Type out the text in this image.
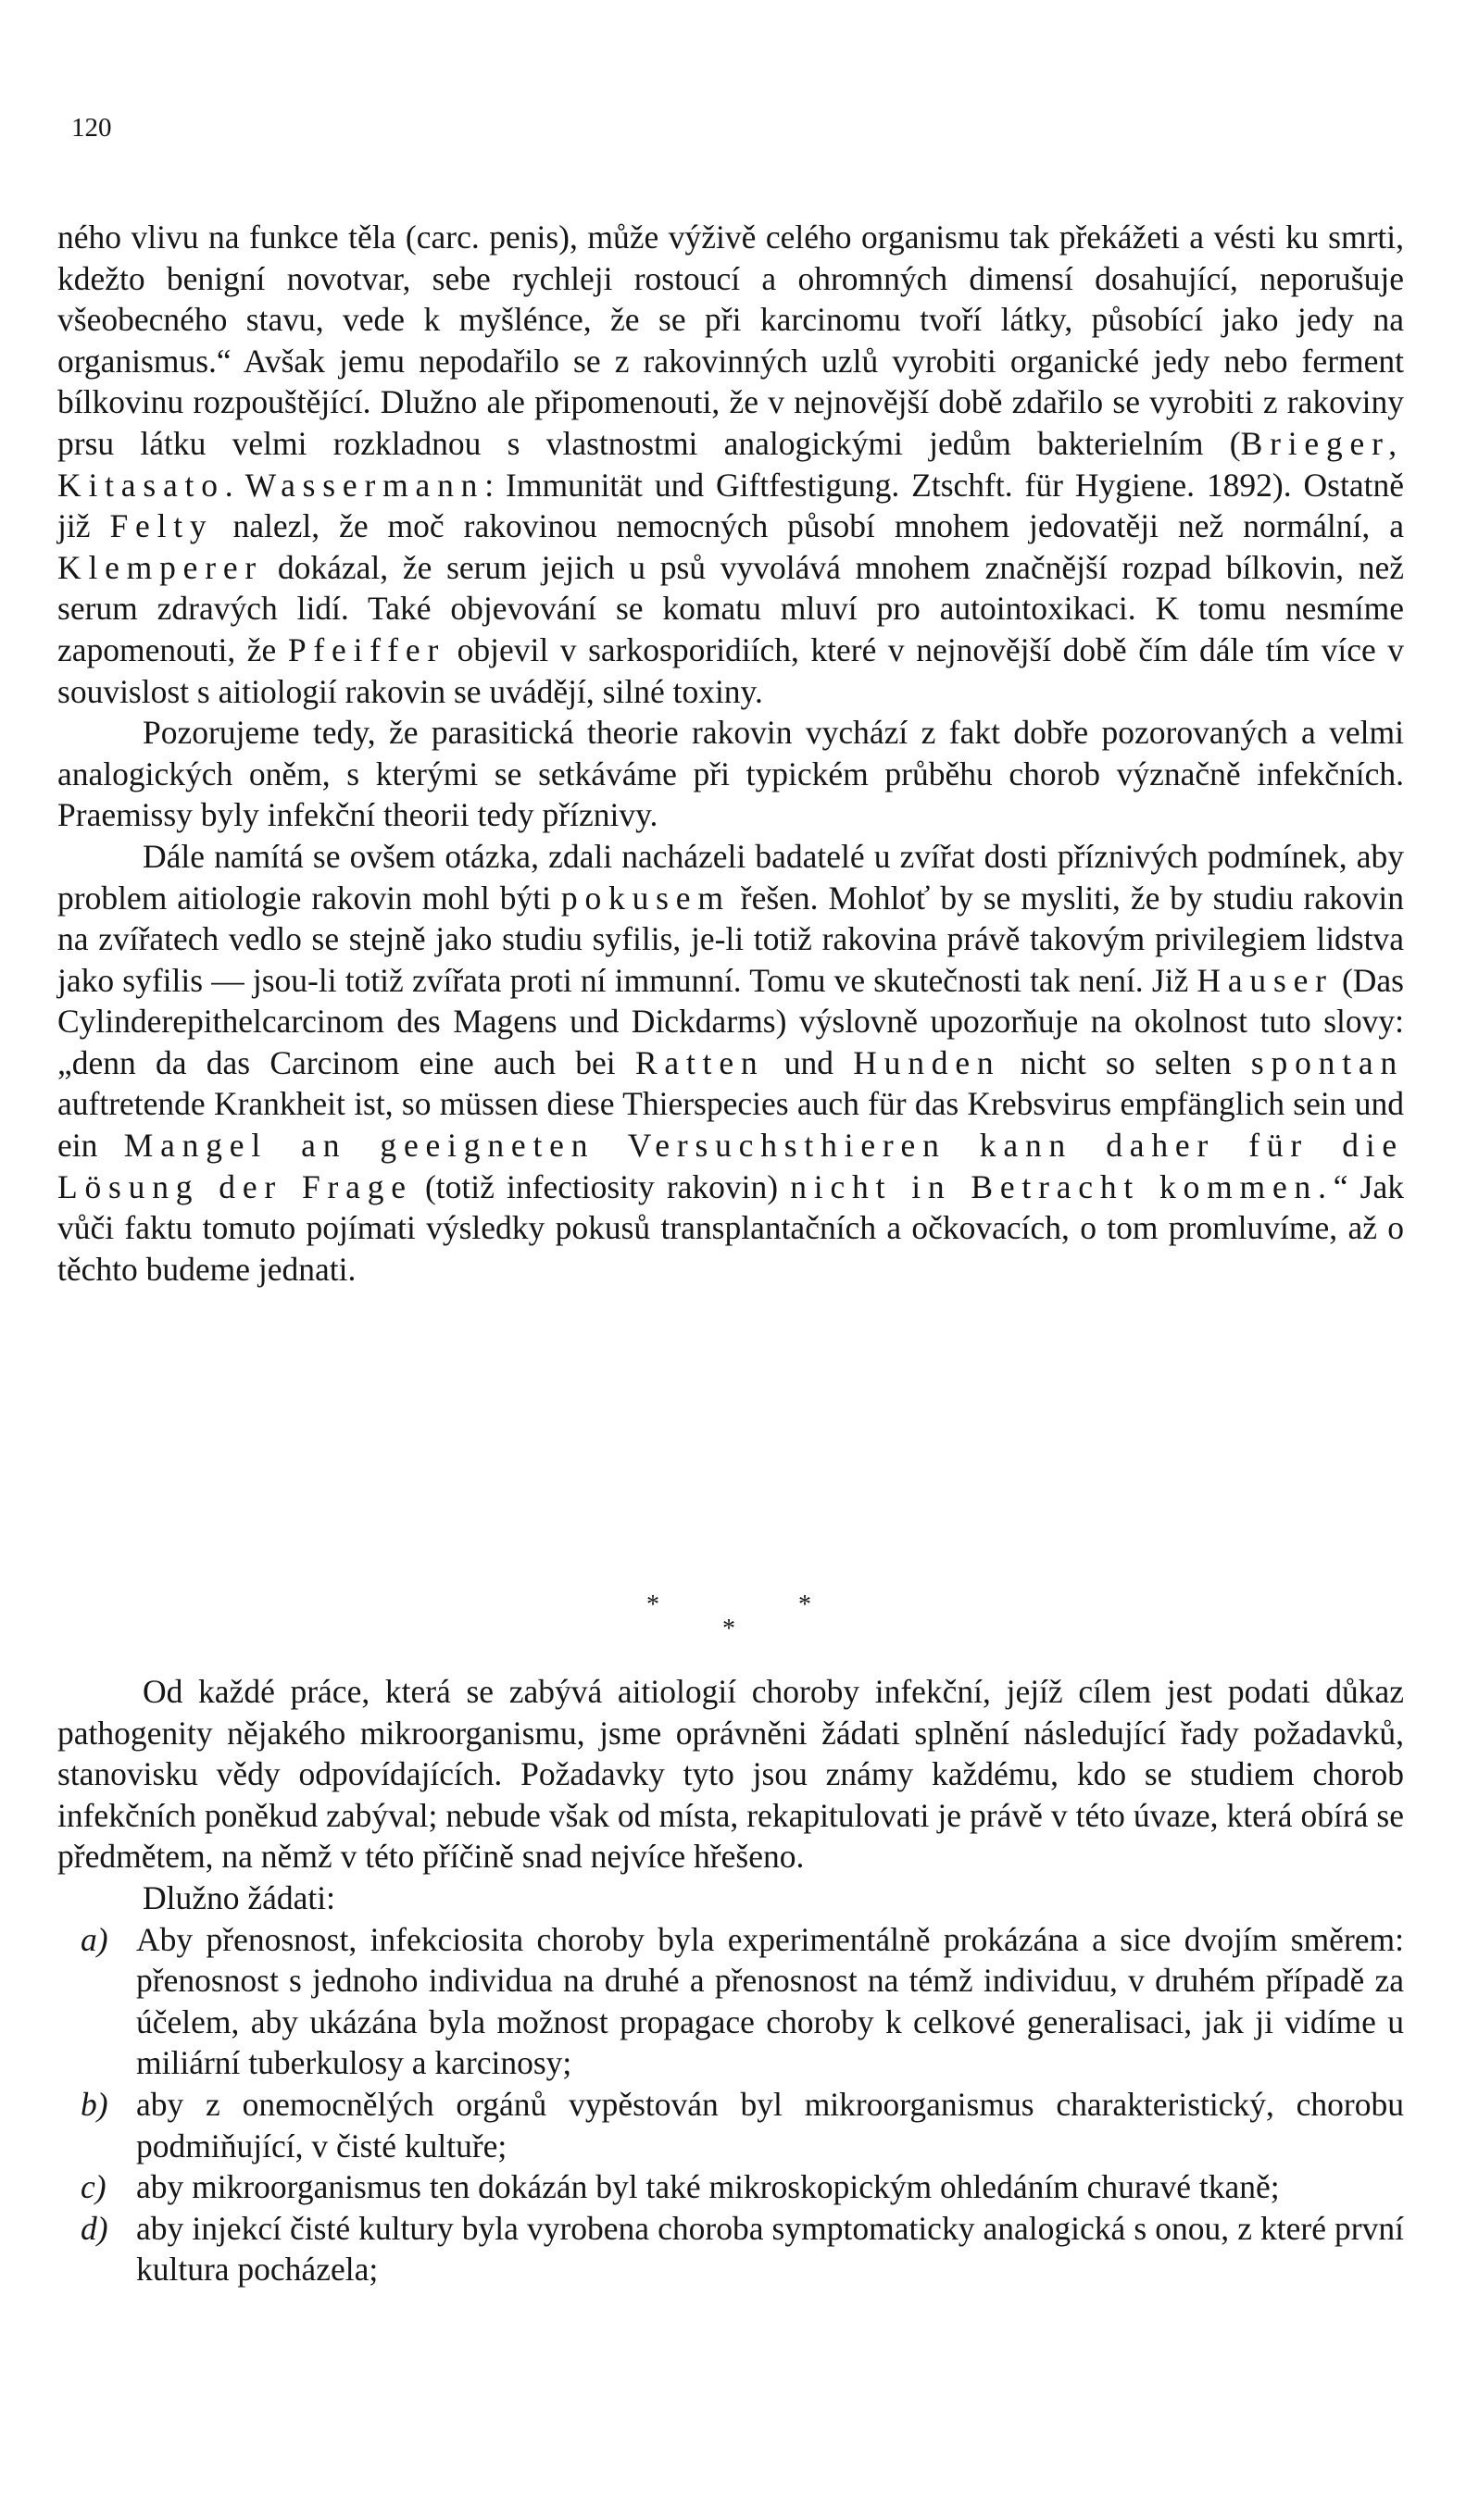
120

ného vlivu na funkce těla (carc. penis), může výživě celého organismu tak překážeti a vésti ku smrti, kdežto benigní novotvar, sebe rychleji rostoucí a ohromných dimensí dosahující, neporušuje všeobecného stavu, vede k myšlénce, že se při karcinomu tvoří látky, působící jako jedy na organismus.“ Avšak jemu nepodařilo se z rakovinných uzlů vyrobiti organické jedy nebo ferment bílkovinu rozpouštějící. Dlužno ale připomenouti, že v nejnovější době zdařilo se vyrobiti z rakoviny prsu látku velmi rozkladnou s vlastnostmi analogickými jedům bakterielním (Brieger, Kitasato. Wassermann: Immunität und Giftfestigung. Ztschft. für Hygiene. 1892). Ostatně již Felty nalezl, že moč rakovinou nemocných působí mnohem jedovatěji než normální, a Klemperer dokázal, že serum jejich u psů vyvolává mnohem značnější rozpad bílkovin, než serum zdravých lidí. Také objevování se komatu mluví pro autointoxikaci. K tomu nesmíme zapomenouti, že Pfeiffer objevil v sarkosporidiích, které v nejnovější době čím dále tím více v souvislost s aitiologií rakovin se uvádějí, silné toxiny.

Pozorujeme tedy, že parasitická theorie rakovin vychází z fakt dobře pozorovaných a velmi analogických oněm, s kterými se setkáváme při typickém průběhu chorob význačně infekčních. Praemissy byly infekční theorii tedy příznivy.

Dále namítá se ovšem otázka, zdali nacházeli badatelé u zvířat dosti příznivých podmínek, aby problem aitiologie rakovin mohl býti pokusem řešen. Mohloť by se mysliti, že by studiu rakovin na zvířatech vedlo se stejně jako studiu syfilis, je-li totiž rakovina právě takovým privilegiem lidstva jako syfilis — jsou-li totiž zvířata proti ní immunní. Tomu ve skutečnosti tak není. Již Hauser (Das Cylinderepithelcarcinom des Magens und Dickdarms) výslovně upozorňuje na okolnost tuto slovy: „denn da das Carcinom eine auch bei Ratten und Hunden nicht so selten spontan auftretende Krankheit ist, so müssen diese Thierspecies auch für das Krebsvirus empfänglich sein und ein Mangel an geeigneten Versuchsthieren kann daher für die Lösung der Frage (totiž infectiosity rakovin) nicht in Betracht kommen.“ Jak vůči faktu tomuto pojímati výsledky pokusů transplantačních a očkovacích, o tom promluvíme, až o těchto budeme jednati.

*
*
*

Od každé práce, která se zabývá aitiologií choroby infekční, jejíž cílem jest podati důkaz pathogenity nějakého mikroorganismu, jsme oprávněni žádati splnění následující řady požadavků, stanovisku vědy odpovídajících. Požadavky tyto jsou známy každému, kdo se studiem chorob infekčních poněkud zabýval; nebude však od místa, rekapitulovati je právě v této úvaze, která obírá se předmětem, na němž v této příčině snad nejvíce hřešeno.

Dlužno žádati:

a) Aby přenosnost, infekciosita choroby byla experimentálně prokázána a sice dvojím směrem: přenosnost s jednoho individua na druhé a přenosnost na témž individuu, v druhém případě za účelem, aby ukázána byla možnost propagace choroby k celkové generalisaci, jak ji vidíme u miliární tuberkulosy a karcinosy;
b) aby z onemocnělých orgánů vypěstován byl mikroorganismus charakteristický, chorobu podmiňující, v čisté kultuře;
c) aby mikroorganismus ten dokázán byl také mikroskopickým ohledáním churavé tkaně;
d) aby injekcí čisté kultury byla vyrobena choroba symptomaticky analogická s onou, z které první kultura pocházela;
